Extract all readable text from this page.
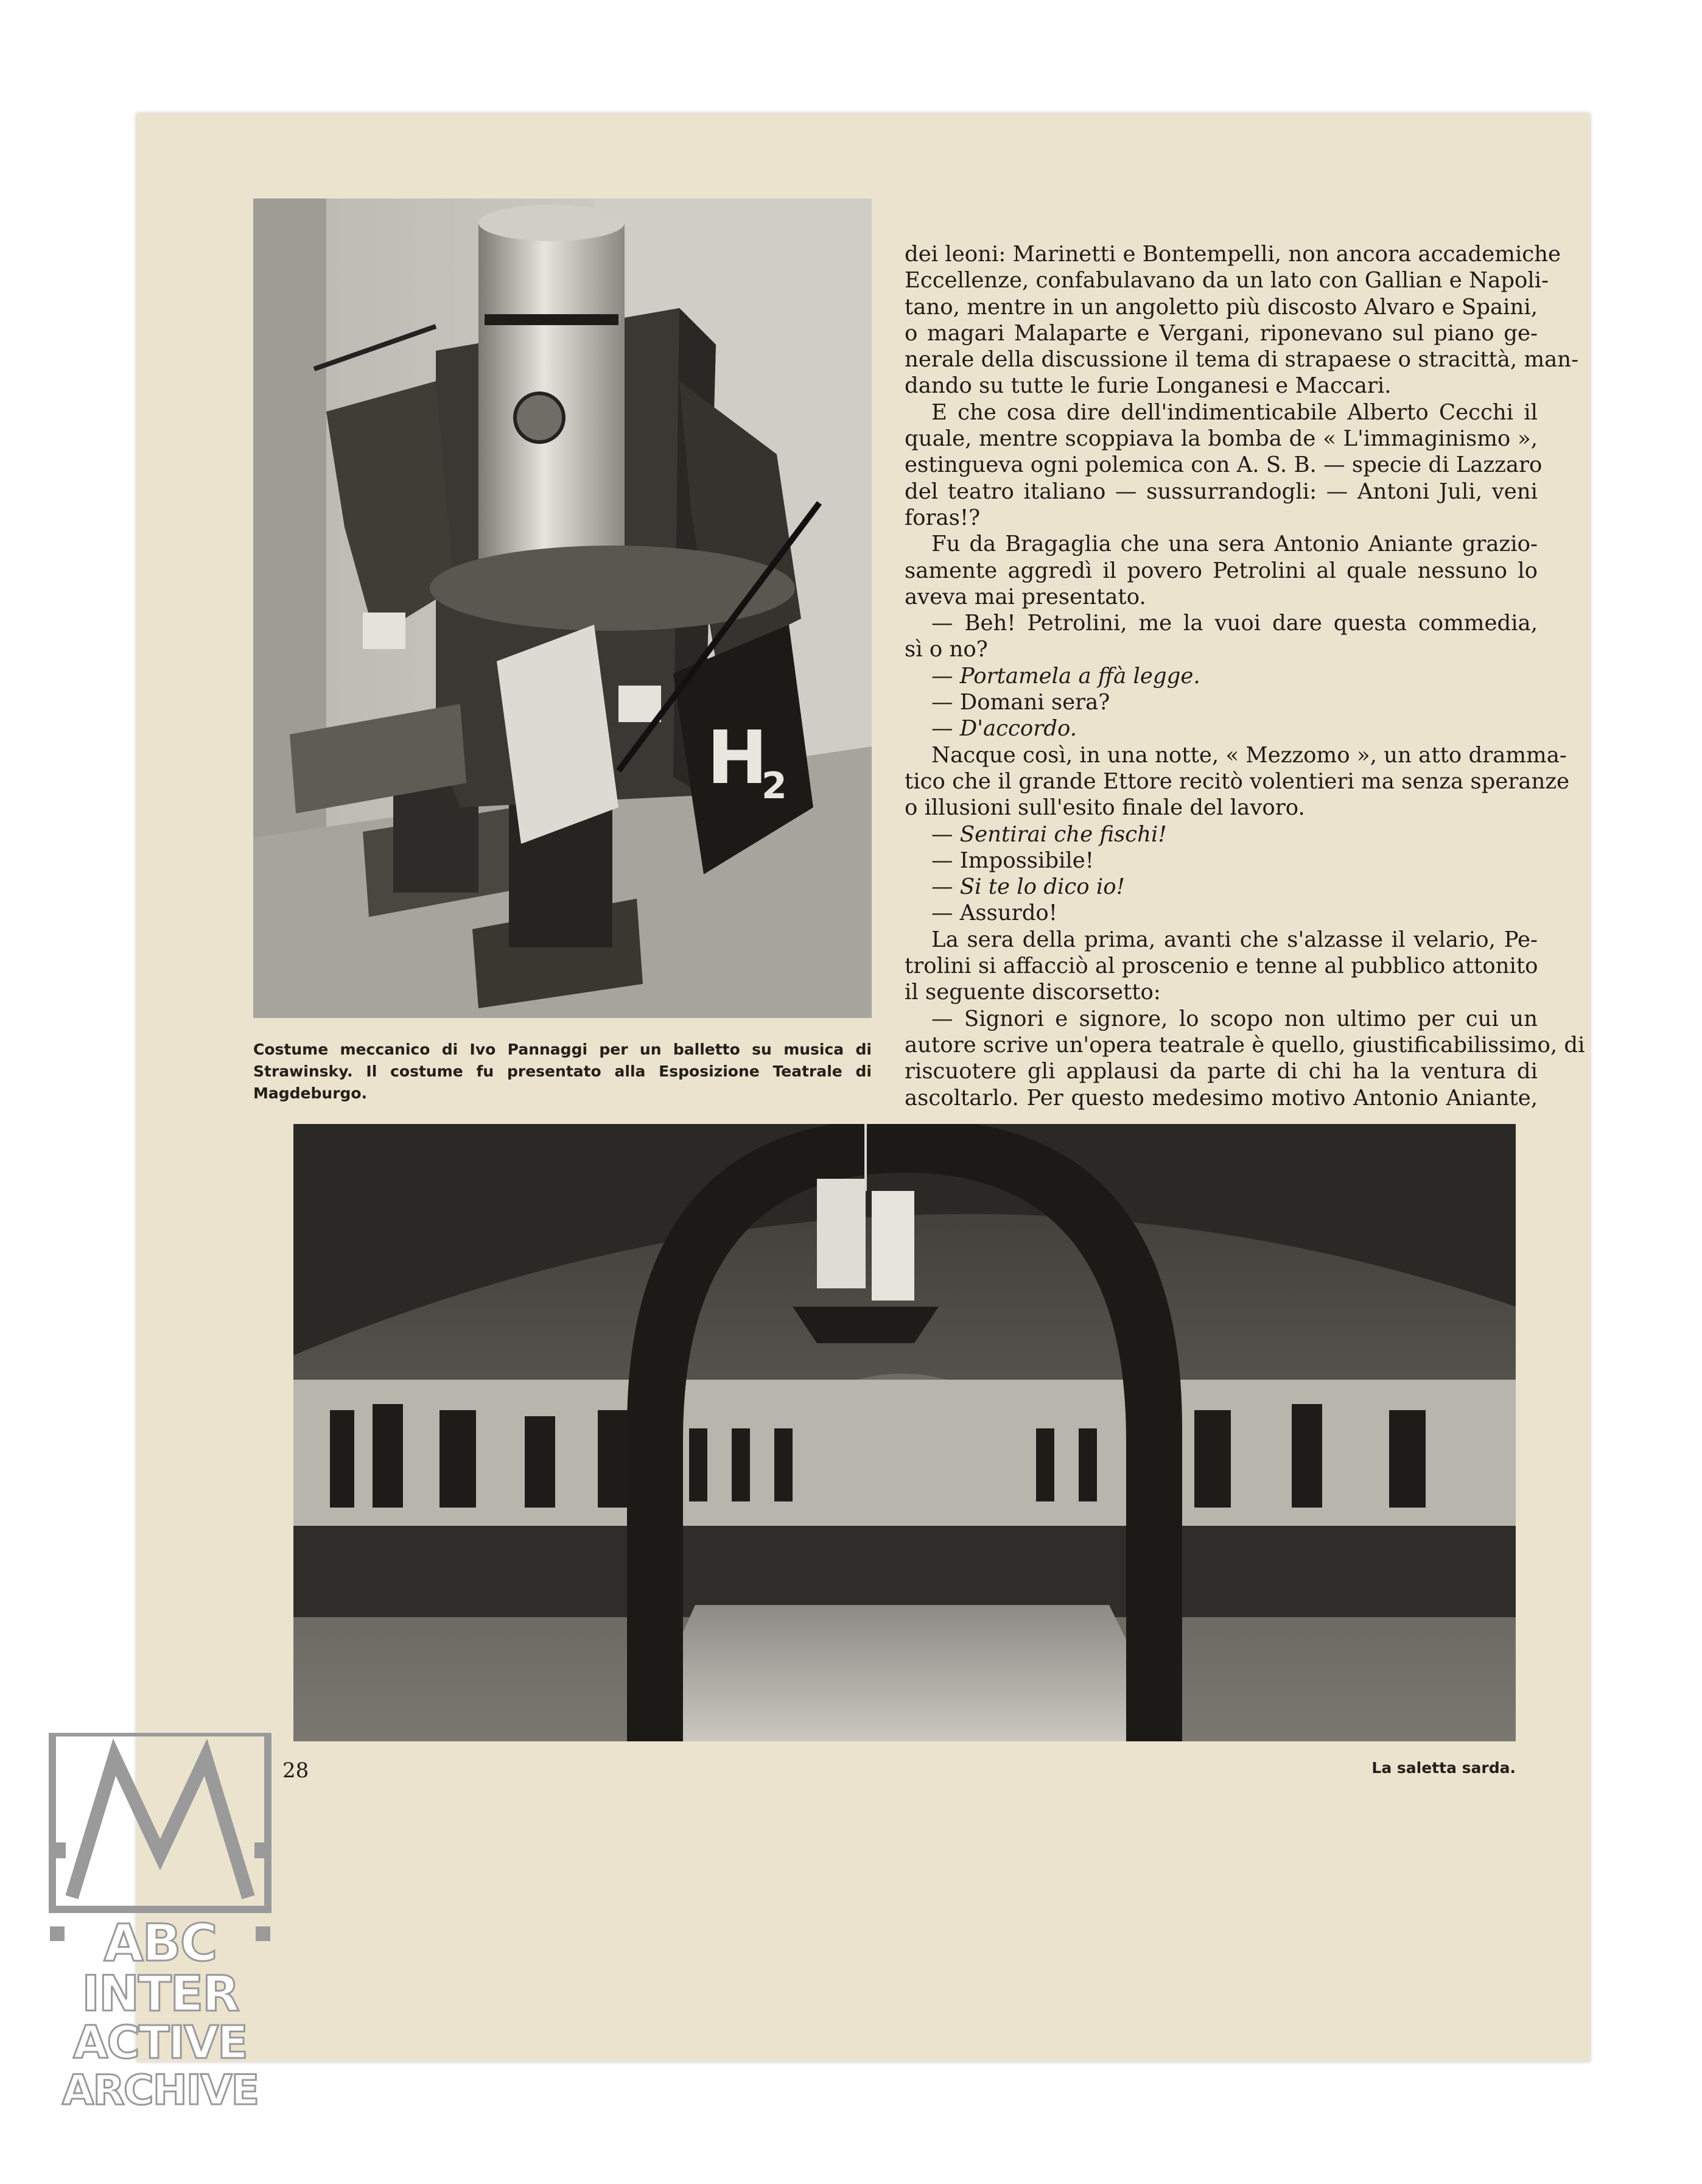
H
2
Costume meccanico di Ivo Pannaggi per un balletto su musica di Strawinsky. Il costume fu presentato alla Esposizione Teatrale di Magdeburgo.

dei leoni: Marinetti e Bontempelli, non ancora accademiche

Eccellenze, confabulavano da un lato con Gallian e Napoli-

tano, mentre in un angoletto più discosto Alvaro e Spaini,

o magari Malaparte e Vergani, riponevano sul piano ge-

nerale della discussione il tema di strapaese o stracittà, man-

dando su tutte le furie Longanesi e Maccari.

E che cosa dire dell'indimenticabile Alberto Cecchi il

quale, mentre scoppiava la bomba de « L'immaginismo »,

estingueva ogni polemica con A. S. B. — specie di Lazzaro

del teatro italiano — sussurrandogli: — Antoni Juli, veni

foras!?

Fu da Bragaglia che una sera Antonio Aniante grazio-

samente aggredì il povero Petrolini al quale nessuno lo

aveva mai presentato.

— Beh! Petrolini, me la vuoi dare questa commedia,

sì o no?

— Portamela a ffà legge.

— Domani sera?

— D'accordo.

Nacque così, in una notte, « Mezzomo », un atto dramma-

tico che il grande Ettore recitò volentieri ma senza speranze

o illusioni sull'esito finale del lavoro.

— Sentirai che fischi!

— Impossibile!

— Si te lo dico io!

— Assurdo!

La sera della prima, avanti che s'alzasse il velario, Pe-

trolini si affacciò al proscenio e tenne al pubblico attonito

il seguente discorsetto:

— Signori e signore, lo scopo non ultimo per cui un

autore scrive un'opera teatrale è quello, giustificabilissimo, di

riscuotere gli applausi da parte di chi ha la ventura di

ascoltarlo. Per questo medesimo motivo Antonio Aniante,

La saletta sarda.
28
ABC
INTER
ACTIVE
ARCHIVE
